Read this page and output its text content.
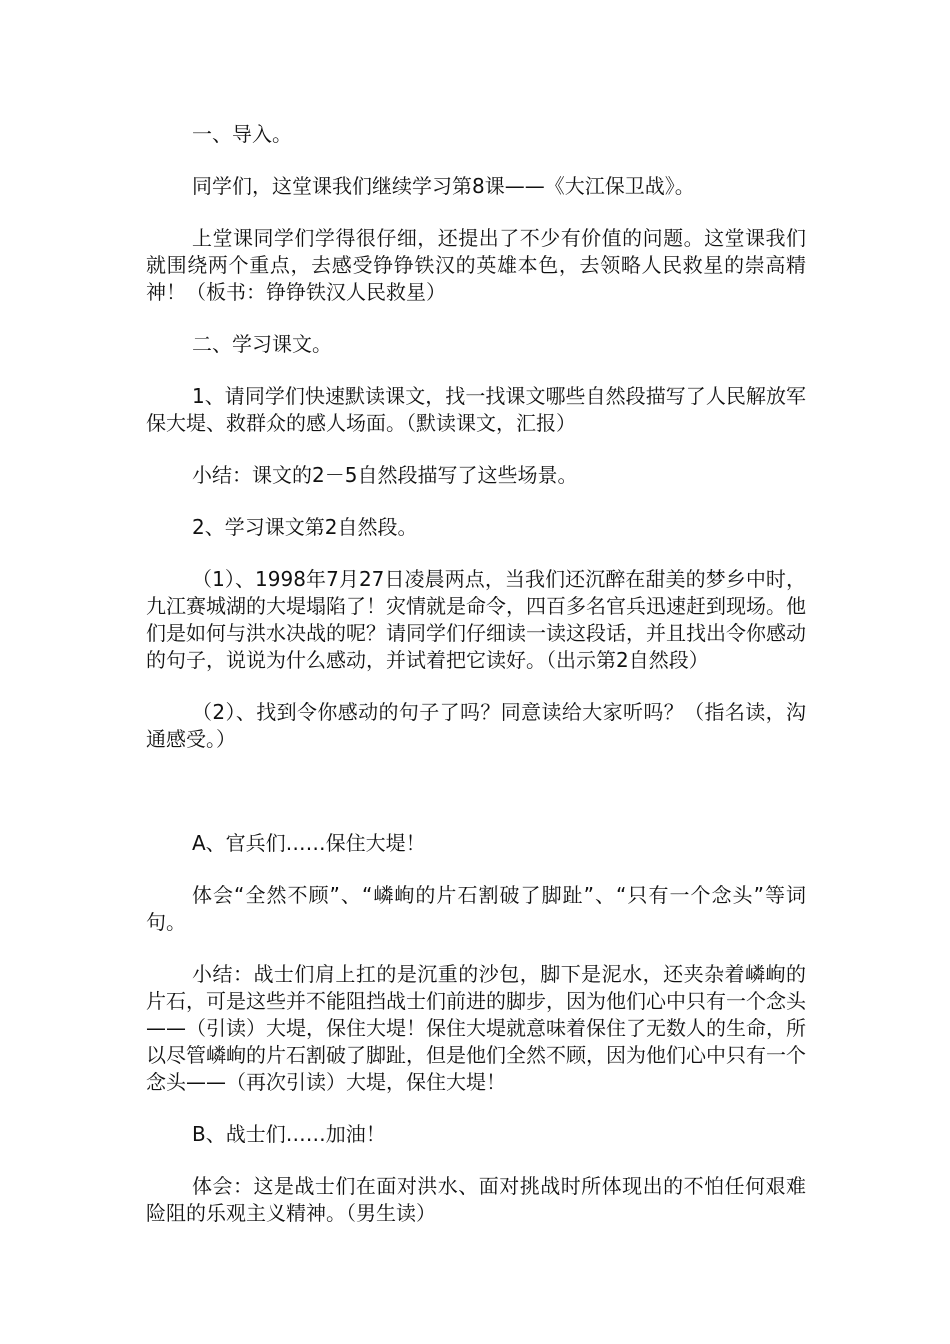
一、导入。

同学们，这堂课我们继续学习第8课——《大江保卫战》。

上堂课同学们学得很仔细，还提出了不少有价值的问题。这堂课我们就围绕两个重点，去感受铮铮铁汉的英雄本色，去领略人民救星的崇高精神！（板书：铮铮铁汉人民救星）

二、学习课文。

1、请同学们快速默读课文，找一找课文哪些自然段描写了人民解放军保大堤、救群众的感人场面。（默读课文，汇报）

小结：课文的2－5自然段描写了这些场景。

2、学习课文第2自然段。

（1）、1998年7月27日凌晨两点，当我们还沉醉在甜美的梦乡中时，九江赛城湖的大堤塌陷了！灾情就是命令，四百多名官兵迅速赶到现场。他们是如何与洪水决战的呢？请同学们仔细读一读这段话，并且找出令你感动的句子，说说为什么感动，并试着把它读好。（出示第2自然段）

（2）、找到令你感动的句子了吗？同意读给大家听吗？（指名读，沟通感受。）

A、官兵们……保住大堤！

体会“全然不顾”、“嶙峋的片石割破了脚趾”、“只有一个念头”等词句。

小结：战士们肩上扛的是沉重的沙包，脚下是泥水，还夹杂着嶙峋的片石，可是这些并不能阻挡战士们前进的脚步，因为他们心中只有一个念头——（引读）大堤，保住大堤！保住大堤就意味着保住了无数人的生命，所以尽管嶙峋的片石割破了脚趾，但是他们全然不顾，因为他们心中只有一个念头——（再次引读）大堤，保住大堤！

B、战士们……加油！

体会：这是战士们在面对洪水、面对挑战时所体现出的不怕任何艰难险阻的乐观主义精神。（男生读）
